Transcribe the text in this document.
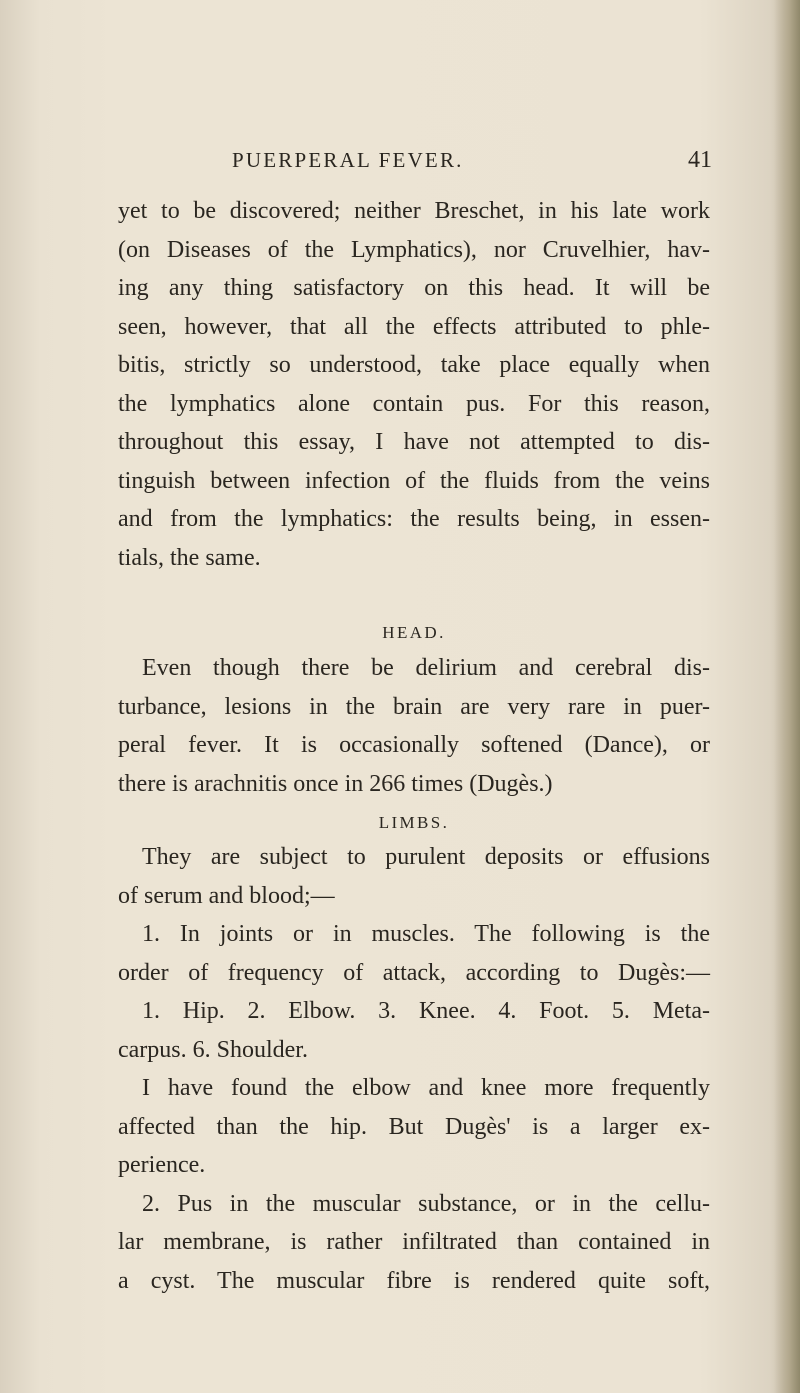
PUERPERAL FEVER.	41
yet to be discovered; neither Breschet, in his late work
(on Diseases of the Lymphatics), nor Cruvelhier, hav-
ing any thing satisfactory on this head. It will be
seen, however, that all the effects attributed to phle-
bitis, strictly so understood, take place equally when
the lymphatics alone contain pus. For this reason,
throughout this essay, I have not attempted to dis-
tinguish between infection of the fluids from the veins
and from the lymphatics: the results being, in essen-
tials, the same.
HEAD.
Even though there be delirium and cerebral dis-
turbance, lesions in the brain are very rare in puer-
peral fever. It is occasionally softened (Dance), or
there is arachnitis once in 266 times (Dugès.)
LIMBS.
They are subject to purulent deposits or effusions
of serum and blood;—
1. In joints or in muscles. The following is the
order of frequency of attack, according to Dugès:—
1. Hip. 2. Elbow. 3. Knee. 4. Foot. 5. Meta-
carpus. 6. Shoulder.
I have found the elbow and knee more frequently
affected than the hip. But Dugès' is a larger ex-
perience.
2. Pus in the muscular substance, or in the cellu-
lar membrane, is rather infiltrated than contained in
a cyst. The muscular fibre is rendered quite soft,
